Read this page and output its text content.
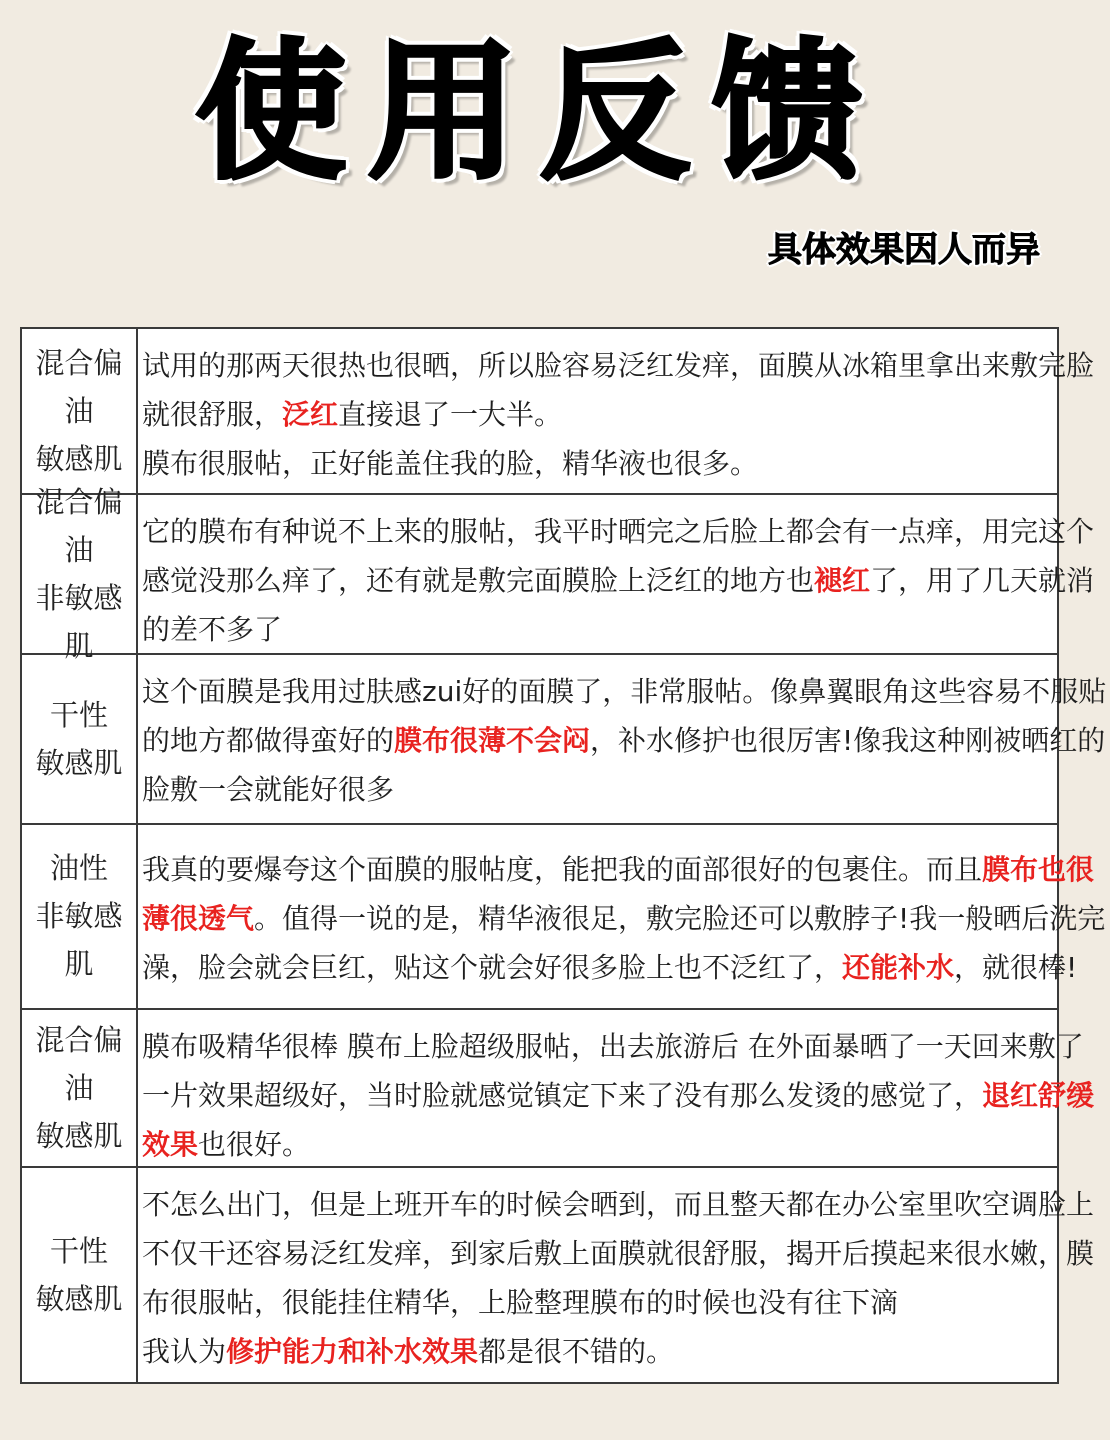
使用反馈
具体效果因人而异
混合偏油
敏感肌
试用的那两天很热也很晒，所以脸容易泛红发痒，面膜从冰箱里拿出来敷完脸
就很舒服，泛红直接退了一大半。
膜布很服帖，正好能盖住我的脸，精华液也很多。
混合偏油
非敏感肌
它的膜布有种说不上来的服帖，我平时晒完之后脸上都会有一点痒，用完这个
感觉没那么痒了，还有就是敷完面膜脸上泛红的地方也褪红了，用了几天就消
的差不多了
干性
敏感肌
这个面膜是我用过肤感zui好的面膜了，非常服帖。像鼻翼眼角这些容易不服贴
的地方都做得蛮好的膜布很薄不会闷，补水修护也很厉害!像我这种刚被晒红的
脸敷一会就能好很多
油性
非敏感肌
我真的要爆夸这个面膜的服帖度，能把我的面部很好的包裹住。而且膜布也很
薄很透气。值得一说的是，精华液很足，敷完脸还可以敷脖子!我一般晒后洗完
澡，脸会就会巨红，贴这个就会好很多脸上也不泛红了，还能补水，就很棒!
混合偏油
敏感肌
膜布吸精华很棒 膜布上脸超级服帖，出去旅游后 在外面暴晒了一天回来敷了
一片效果超级好，当时脸就感觉镇定下来了没有那么发烫的感觉了，退红舒缓
效果也很好。
干性
敏感肌
不怎么出门，但是上班开车的时候会晒到，而且整天都在办公室里吹空调脸上
不仅干还容易泛红发痒，到家后敷上面膜就很舒服，揭开后摸起来很水嫩，膜
布很服帖，很能挂住精华，上脸整理膜布的时候也没有往下滴
我认为修护能力和补水效果都是很不错的。
